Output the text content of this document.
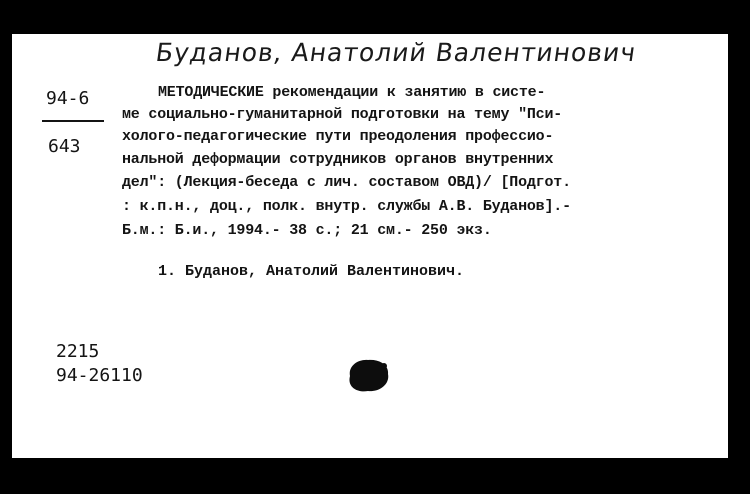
Буданов, Анатолий Валентинович
94-6
643
МЕТОДИЧЕСКИЕ рекомендации к занятию в систе-
ме социально-гуманитарной подготовки на тему "Пси-
холого-педагогические пути преодоления профессио-
нальной деформации сотрудников органов внутренних
дел": (Лекция-беседа с лич. составом ОВД)/ [Подгот.
: к.п.н., доц., полк. внутр. службы А.В. Буданов].-
Б.м.: Б.и., 1994.- 38 с.; 21 см.- 250 экз.
1. Буданов, Анатолий Валентинович.
2215
94-26110
